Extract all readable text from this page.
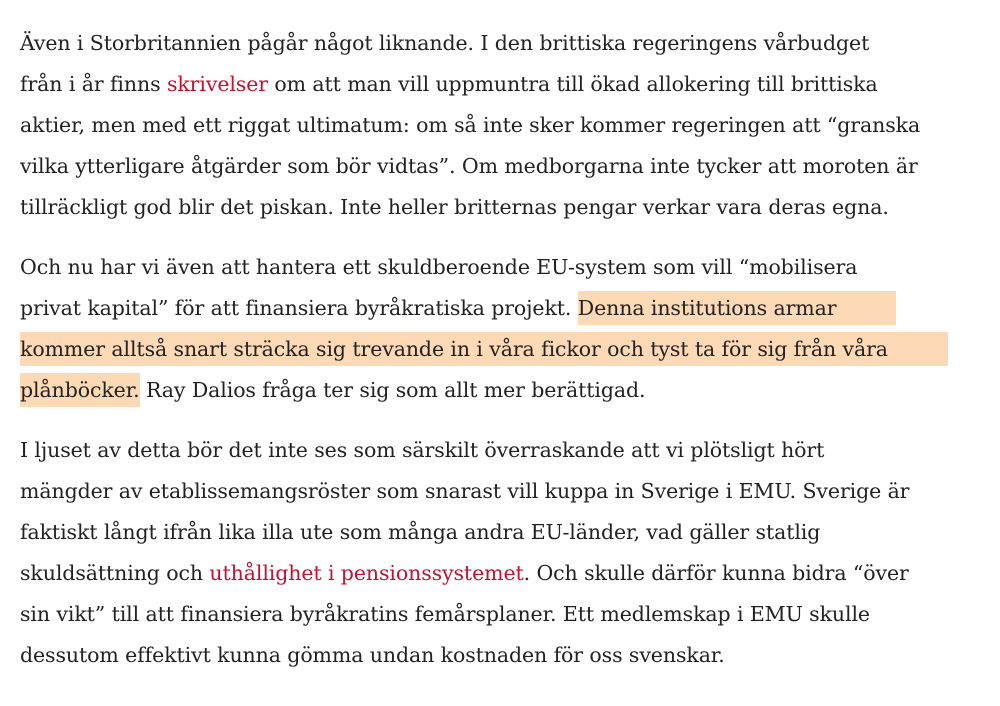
Även i Storbritannien pågår något liknande. I den brittiska regeringens vårbudget
från i år finns skrivelser om att man vill uppmuntra till ökad allokering till brittiska
aktier, men med ett riggat ultimatum: om så inte sker kommer regeringen att “granska
vilka ytterligare åtgärder som bör vidtas”. Om medborgarna inte tycker att moroten är
tillräckligt god blir det piskan. Inte heller britternas pengar verkar vara deras egna.

Och nu har vi även att hantera ett skuldberoende EU-system som vill “mobilisera
privat kapital” för att finansiera byråkratiska projekt. Denna institutions armar
kommer alltså snart sträcka sig trevande in i våra fickor och tyst ta för sig från våra
plånböcker. Ray Dalios fråga ter sig som allt mer berättigad.

I ljuset av detta bör det inte ses som särskilt överraskande att vi plötsligt hört
mängder av etablissemangsröster som snarast vill kuppa in Sverige i EMU. Sverige är
faktiskt långt ifrån lika illa ute som många andra EU-länder, vad gäller statlig
skuldsättning och uthållighet i pensionssystemet. Och skulle därför kunna bidra “över
sin vikt” till att finansiera byråkratins femårsplaner. Ett medlemskap i EMU skulle
dessutom effektivt kunna gömma undan kostnaden för oss svenskar.
